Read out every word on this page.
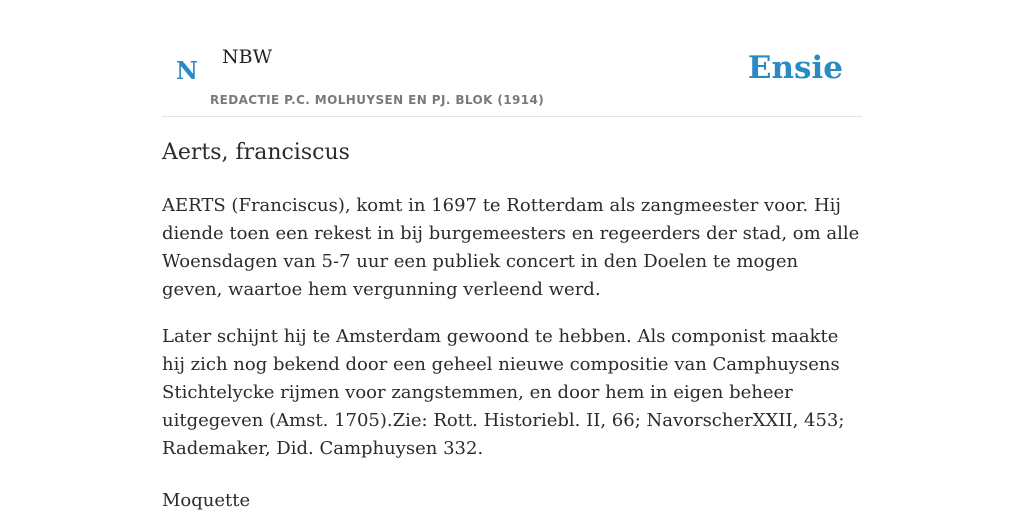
N NBW
REDACTIE P.C. MOLHUYSEN EN PJ. BLOK (1914)
Ensie
Aerts, franciscus

AERTS (Franciscus), komt in 1697 te Rotterdam als zangmeester voor. Hij diende toen een rekest in bij burgemeesters en regeerders der stad, om alle Woensdagen van 5-7 uur een publiek concert in den Doelen te mogen geven, waartoe hem vergunning verleend werd.

Later schijnt hij te Amsterdam gewoond te hebben. Als componist maakte hij zich nog bekend door een geheel nieuwe compositie van Camphuysens Stichtelycke rijmen voor zangstemmen, en door hem in eigen beheer uitgegeven (Amst. 1705).Zie: Rott. Historiebl. II, 66; NavorscherXXII, 453; Rademaker, Did. Camphuysen 332.

Moquette
